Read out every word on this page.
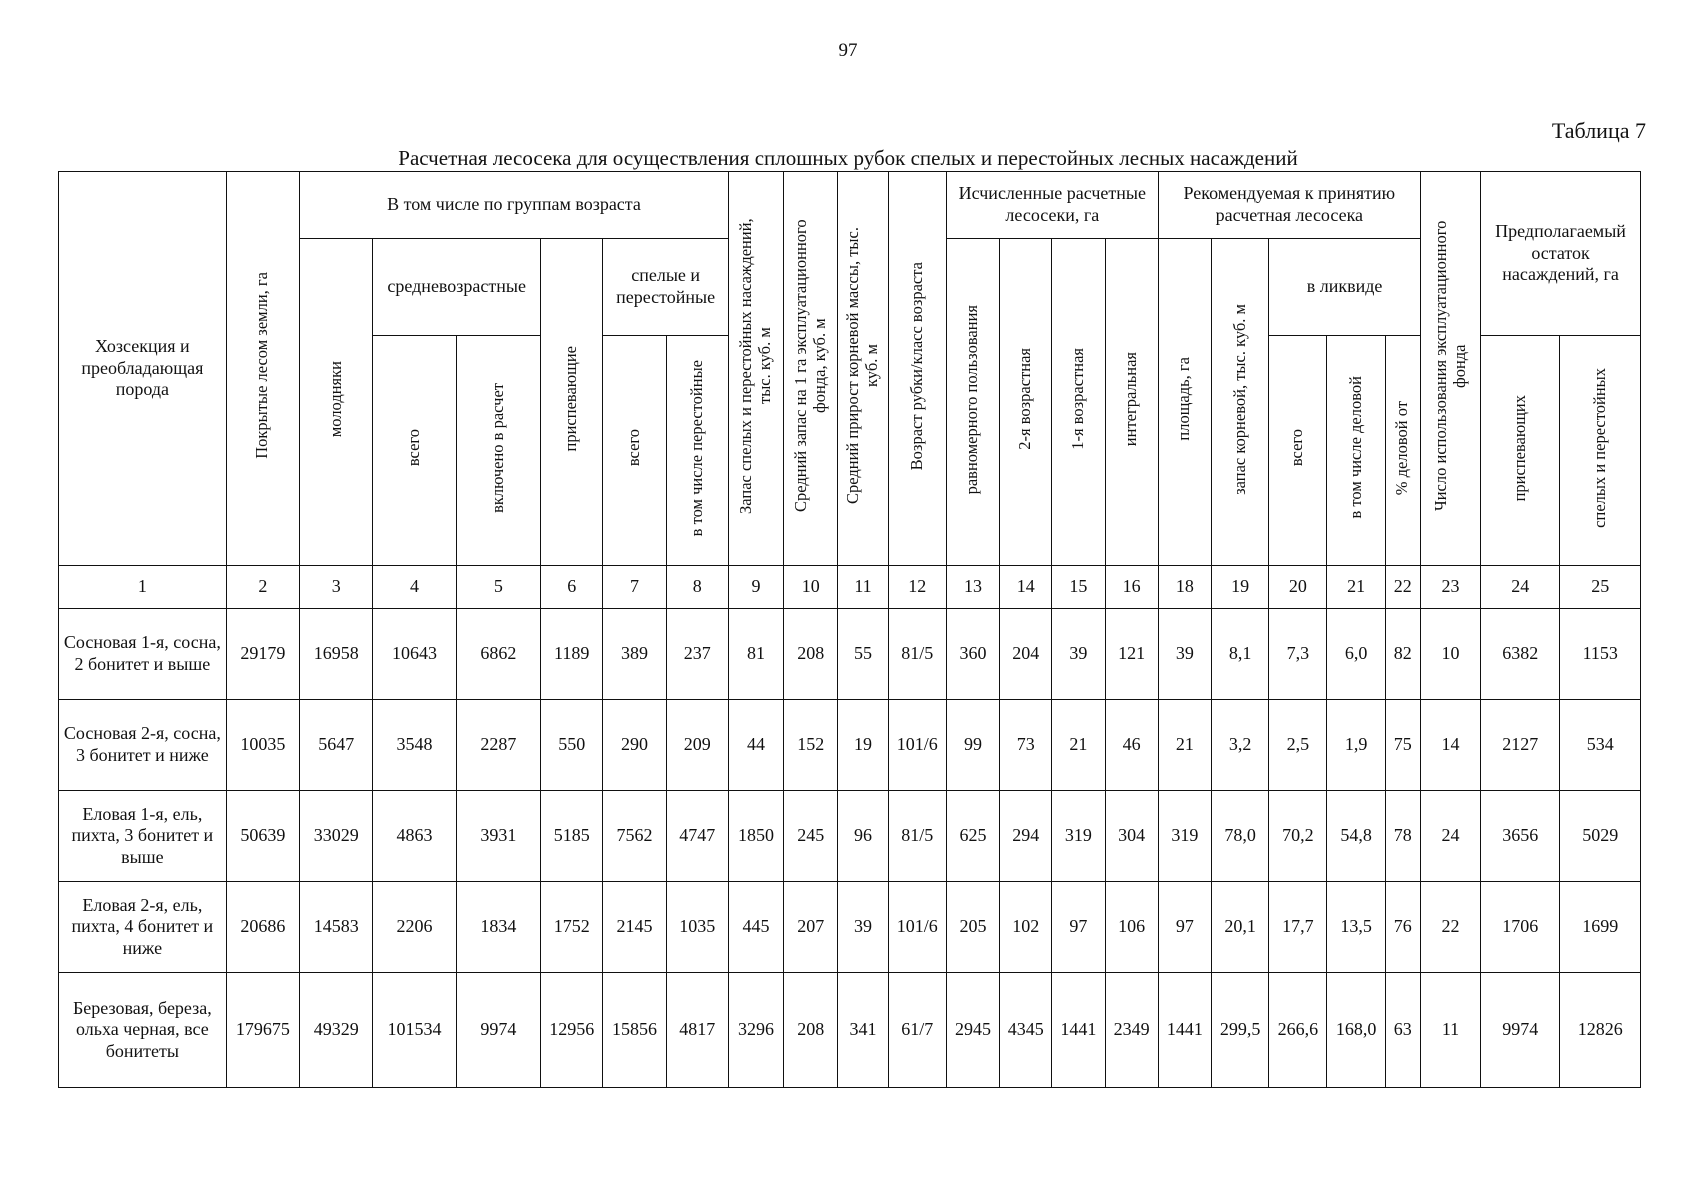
97
Таблица 7
Расчетная лесосека для осуществления сплошных рубок спелых и перестойных лесных насаждений
Хозсекция и преобладающая порода	Покрытые лесом земли, га	В том числе по группам возраста						Запас спелых и перестойных насаждений, тыс. куб. м	Средний запас на 1 га эксплуатационного фонда, куб. м	Средний прирост корневой массы, тыс. куб. м	Возраст рубки/класс возраста	Исчисленные расчетные лесосеки, га				Рекомендуемая к принятию расчетная лесосека					Число использования эксплуатационного фонда	Предполагаемый остаток насаждений, га	
		молодняки	средневозрастные		приспевающие	спелые и перестойные						равномерного пользования	2-я возрастная	1-я возрастная	интегральная	площадь, га	запас корневой, тыс. куб. м	в ликвиде					
			всего	включено в расчет		всего	в том числе перестойные											всего	в том числе деловой	% деловой от		приспевающих	спелых и перестойных
1	2	3	4	5	6	7	8	9	10	11	12	13	14	15	16	18	19	20	21	22	23	24	25
Сосновая 1-я, сосна, 2 бонитет и выше	29179	16958	10643	6862	1189	389	237	81	208	55	81/5	360	204	39	121	39	8,1	7,3	6,0	82	10	6382	1153
Сосновая 2-я, сосна, 3 бонитет и ниже	10035	5647	3548	2287	550	290	209	44	152	19	101/6	99	73	21	46	21	3,2	2,5	1,9	75	14	2127	534
Еловая 1-я, ель, пихта, 3 бонитет и выше	50639	33029	4863	3931	5185	7562	4747	1850	245	96	81/5	625	294	319	304	319	78,0	70,2	54,8	78	24	3656	5029
Еловая 2-я, ель, пихта, 4 бонитет и ниже	20686	14583	2206	1834	1752	2145	1035	445	207	39	101/6	205	102	97	106	97	20,1	17,7	13,5	76	22	1706	1699
Березовая, береза, ольха черная, все бонитеты	179675	49329	101534	9974	12956	15856	4817	3296	208	341	61/7	2945	4345	1441	2349	1441	299,5	266,6	168,0	63	11	9974	12826
